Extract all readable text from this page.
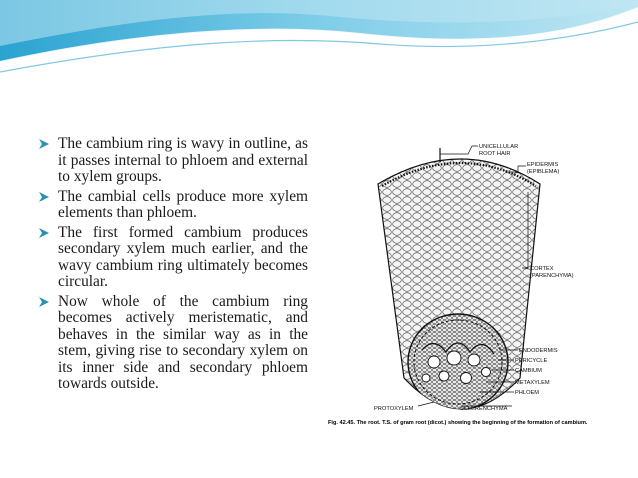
The cambium ring is wavy in outline, as it passes internal to phloem and external to xylem groups.
The cambial cells produce more xylem elements than phloem.
The first formed cambium produces secondary xylem much earlier, and the wavy cambium ring ultimately becomes circular.
Now whole of the cambium ring becomes actively meristematic, and behaves in the similar way as in the stem, giving rise to secondary xylem on its inner side and secondary phloem towards outside.
UNICELLULAR
ROOT HAIR
EPIDERMIS
(EPIBLEMA)
CORTEX
(PARENCHYMA)
ENDODERMIS
PERICYCLE
CAMBIUM
METAXYLEM
PHLOEM
SCLERENCHYMA
PROTOXYLEM
Fig. 42.45. The root. T.S. of gram root (dicot.) showing the beginning of the formation of cambium.
